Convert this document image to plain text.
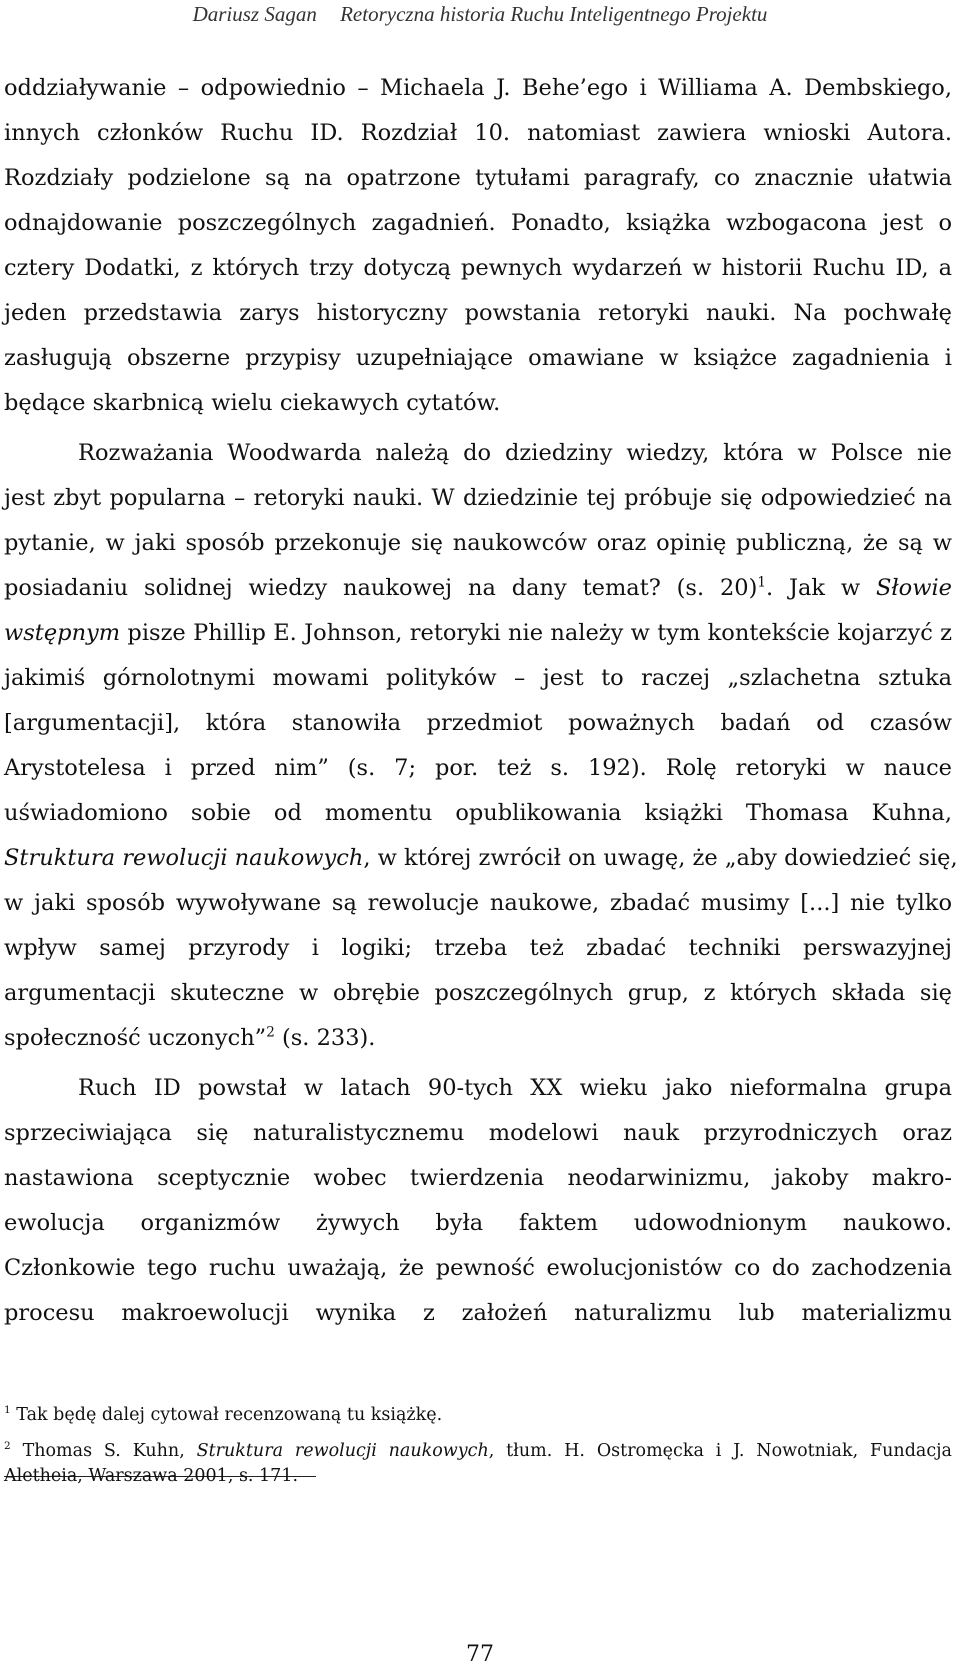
Dariusz Sagan Retoryczna historia Ruchu Inteligentnego Projektu
oddziaływanie – odpowiednio – Michaela J. Behe’ego i Williama A. Dembskiego,
innych członków Ruchu ID. Rozdział 10. natomiast zawiera wnioski Autora.
Rozdziały podzielone są na opatrzone tytułami paragrafy, co znacznie ułatwia
odnajdowanie poszczególnych zagadnień. Ponadto, książka wzbogacona jest o
cztery Dodatki, z których trzy dotyczą pewnych wydarzeń w historii Ruchu ID, a
jeden przedstawia zarys historyczny powstania retoryki nauki. Na pochwałę
zasługują obszerne przypisy uzupełniające omawiane w książce zagadnienia i
będące skarbnicą wielu ciekawych cytatów.
Rozważania Woodwarda należą do dziedziny wiedzy, która w Polsce nie
jest zbyt popularna – retoryki nauki. W dziedzinie tej próbuje się odpowiedzieć na
pytanie, w jaki sposób przekonuje się naukowców oraz opinię publiczną, że są w
posiadaniu solidnej wiedzy naukowej na dany temat? (s. 20)$^1$. Jak w Słowie
wstępnym pisze Phillip E. Johnson, retoryki nie należy w tym kontekście kojarzyć z
jakimiś górnolotnymi mowami polityków – jest to raczej „szlachetna sztuka
[argumentacji], która stanowiła przedmiot poważnych badań od czasów
Arystotelesa i przed nim” (s. 7; por. też s. 192). Rolę retoryki w nauce
uświadomiono sobie od momentu opublikowania książki Thomasa Kuhna,
Struktura rewolucji naukowych, w której zwrócił on uwagę, że „aby dowiedzieć się,
w jaki sposób wywoływane są rewolucje naukowe, zbadać musimy [...] nie tylko
wpływ samej przyrody i logiki; trzeba też zbadać techniki perswazyjnej
argumentacji skuteczne w obrębie poszczególnych grup, z których składa się
społeczność uczonych”$^2$ (s. 233).
Ruch ID powstał w latach 90-tych XX wieku jako nieformalna grupa
sprzeciwiająca się naturalistycznemu modelowi nauk przyrodniczych oraz
nastawiona sceptycznie wobec twierdzenia neodarwinizmu, jakoby makro-
ewolucja organizmów żywych była faktem udowodnionym naukowo.
Członkowie tego ruchu uważają, że pewność ewolucjonistów co do zachodzenia
procesu makroewolucji wynika z założeń naturalizmu lub materializmu
$^1$ Tak będę dalej cytował recenzowaną tu książkę.
$^2$ Thomas S. Kuhn, Struktura rewolucji naukowych, tłum. H. Ostromęcka i J. Nowotniak, Fundacja
Aletheia, Warszawa 2001, s. 171.
77
